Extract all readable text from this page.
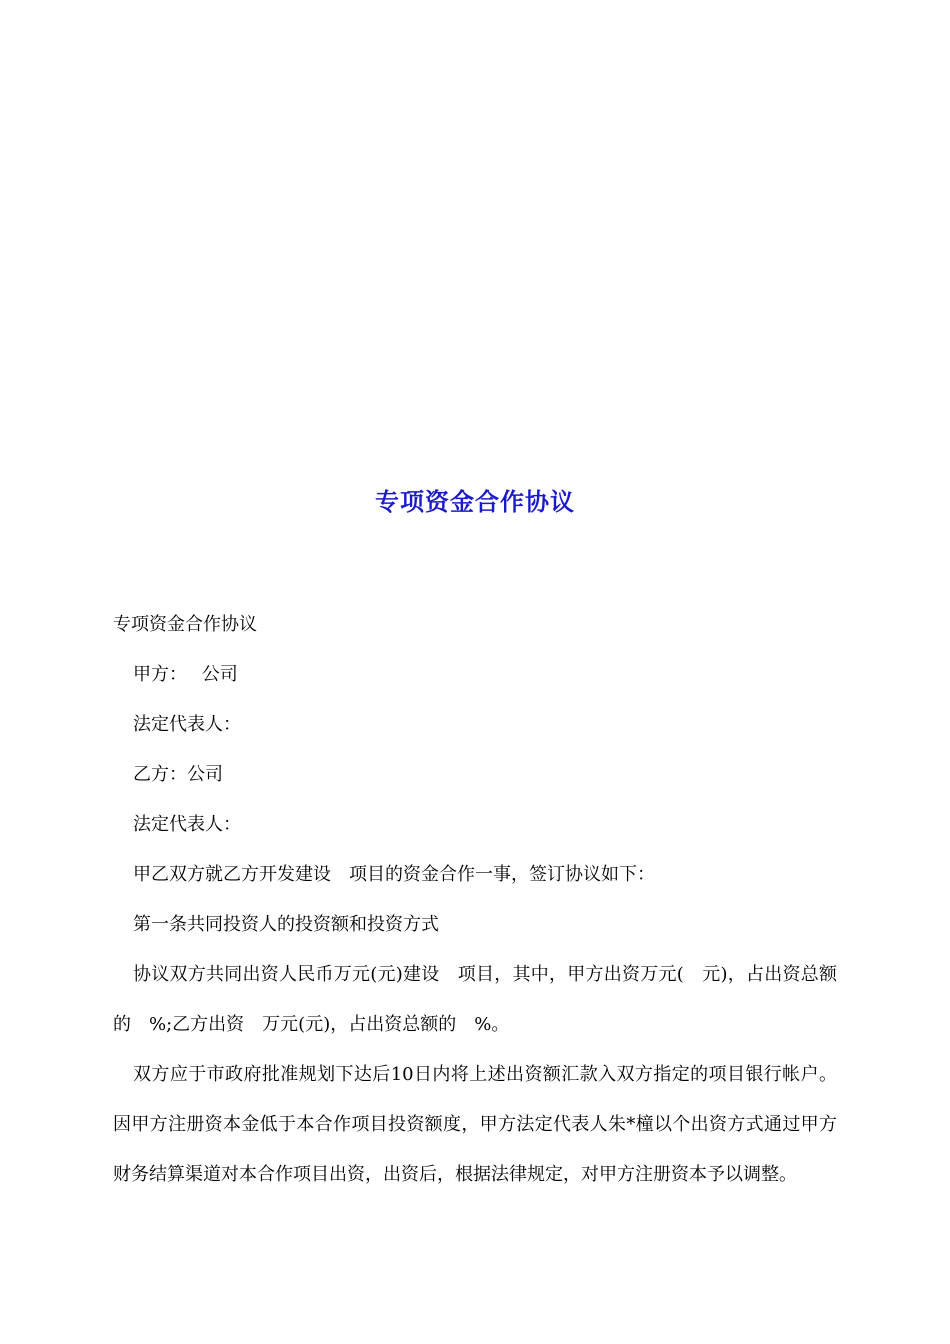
专项资金合作协议

专项资金合作协议

甲方：　 公司

法定代表人：

乙方：公司

法定代表人：

甲乙双方就乙方开发建设　项目的资金合作一事，签订协议如下：

第一条共同投资人的投资额和投资方式

协议双方共同出资人民币万元(元)建设　项目，其中，甲方出资万元(　元)，占出资总额的　%;乙方出资　万元(元)，占出资总额的　%。

双方应于市政府批准规划下达后10日内将上述出资额汇款入双方指定的项目银行帐户。因甲方注册资本金低于本合作项目投资额度，甲方法定代表人朱*橦以个出资方式通过甲方财务结算渠道对本合作项目出资，出资后，根据法律规定，对甲方注册资本予以调整。
